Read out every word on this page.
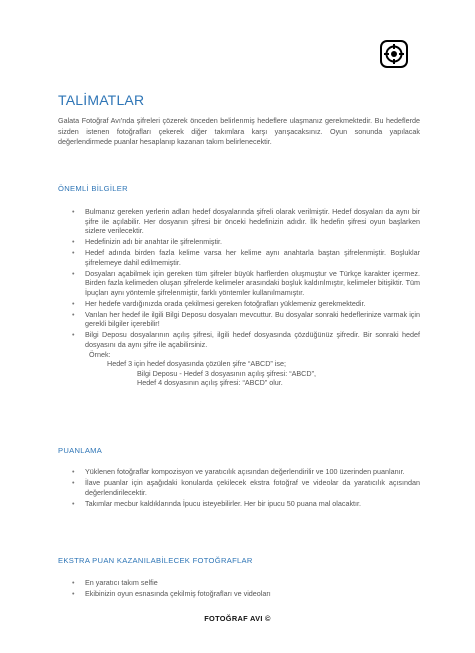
TALİMATLAR
Galata Fotoğraf Avı'nda şifreleri çözerek önceden belirlenmiş hedeflere ulaşmanız gerekmektedir. Bu hedeflerde sizden istenen fotoğrafları çekerek diğer takımlara karşı yarışacaksınız. Oyun sonunda yapılacak değerlendirmede puanlar hesaplanıp kazanan takım belirlenecektir.
ÖNEMLİ BİLGİLER
• Bulmanız gereken yerlerin adları hedef dosyalarında şifreli olarak verilmiştir. Hedef dosyaları da aynı bir şifre ile açılabilir. Her dosyanın şifresi bir önceki hedefinizin adıdır. İlk hedefin şifresi oyun başlarken sizlere verilecektir.
• Hedefinizin adı bir anahtar ile şifrelenmiştir.
• Hedef adında birden fazla kelime varsa her kelime aynı anahtarla baştan şifrelenmiştir. Boşluklar şifrelemeye dahil edilmemiştir.
• Dosyaları açabilmek için gereken tüm şifreler büyük harflerden oluşmuştur ve Türkçe karakter içermez. Birden fazla kelimeden oluşan şifrelerde kelimeler arasındaki boşluk kaldırılmıştır, kelimeler bitişiktir. Tüm İpuçları aynı yöntemle şifrelenmiştir, farklı yöntemler kullanılmamıştır.
• Her hedefe vardığınızda orada çekilmesi gereken fotoğrafları yüklemeniz gerekmektedir.
• Varılan her hedef ile ilgili Bilgi Deposu dosyaları mevcuttur. Bu dosyalar sonraki hedeflerinize varmak için gerekli bilgiler içerebilir!
• Bilgi Deposu dosyalarının açılış şifresi, ilgili hedef dosyasında çözdüğünüz şifredir. Bir sonraki hedef dosyasını da aynı şifre ile açabilirsiniz.
Örnek:
Hedef 3 için hedef dosyasında çözülen şifre “ABCD” ise;
Bilgi Deposu - Hedef 3 dosyasının açılış şifresi: “ABCD”,
Hedef 4 dosyasının açılış şifresi: “ABCD” olur.
PUANLAMA
• Yüklenen fotoğraflar kompozisyon ve yaratıcılık açısından değerlendirilir ve 100 üzerinden puanlanır.
• İlave puanlar için aşağıdaki konularda çekilecek ekstra fotoğraf ve videolar da yaratıcılık açısından değerlendirilecektir.
• Takımlar mecbur kaldıklarında İpucu isteyebilirler. Her bir ipucu 50 puana mal olacaktır.
EKSTRA PUAN KAZANILABİLECEK FOTOĞRAFLAR
• En yaratıcı takım selfie
• Ekibinizin oyun esnasında çekilmiş fotoğrafları ve videoları
FOTOĞRAF AVI ©
